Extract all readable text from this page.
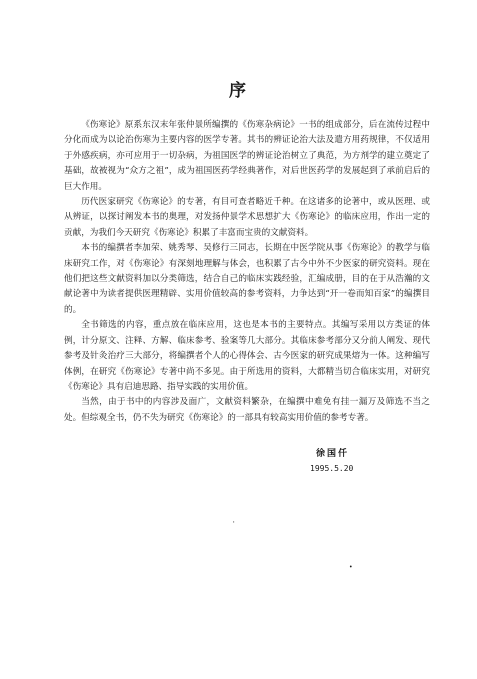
序

《伤寒论》原系东汉末年张仲景所编撰的《伤寒杂病论》一书的组成部分，后在流传过程中分化而成为以论治伤寒为主要内容的医学专著。其书的辨证论治大法及遣方用药规律，不仅适用于外感疾病，亦可应用于一切杂病，为祖国医学的辨证论治树立了典范，为方剂学的建立奠定了基础，故被视为“众方之祖”，成为祖国医药学经典著作，对后世医药学的发展起到了承前启后的巨大作用。

历代医家研究《伤寒论》的专著，有目可查者略近千种。在这诸多的论著中，或从医理、或从辨证，以探讨阐发本书的奥理，对发扬仲景学术思想扩大《伤寒论》的临床应用，作出一定的贡献，为我们今天研究《伤寒论》积累了丰富而宝贵的文献资料。

本书的编撰者李加荣、姚秀琴、吴修行三同志，长期在中医学院从事《伤寒论》的教学与临床研究工作，对《伤寒论》有深刻地理解与体会，也积累了古今中外不少医家的研究资料。现在他们把这些文献资料加以分类筛选，结合自己的临床实践经验，汇编成册，目的在于从浩瀚的文献论著中为读者提供医理精辟、实用价值较高的参考资料，力争达到“开一卷而知百家”的编撰目的。

全书筛选的内容，重点放在临床应用，这也是本书的主要特点。其编写采用以方类证的体例，计分原文、注释、方解、临床参考、验案等几大部分。其临床参考部分又分前人阐发、现代参考及针灸治疗三大部分，将编撰者个人的心得体会、古今医家的研究成果熔为一体。这种编写体例，在研究《伤寒论》专著中尚不多见。由于所选用的资料，大都精当切合临床实用，对研究《伤寒论》具有启迪思路、指导实践的实用价值。

当然，由于书中的内容涉及面广，文献资料繁杂，在编撰中难免有挂一漏万及筛选不当之处。但综观全书，仍不失为研究《伤寒论》的一部具有较高实用价值的参考专著。

徐国仟
1995.5.20
'
•
